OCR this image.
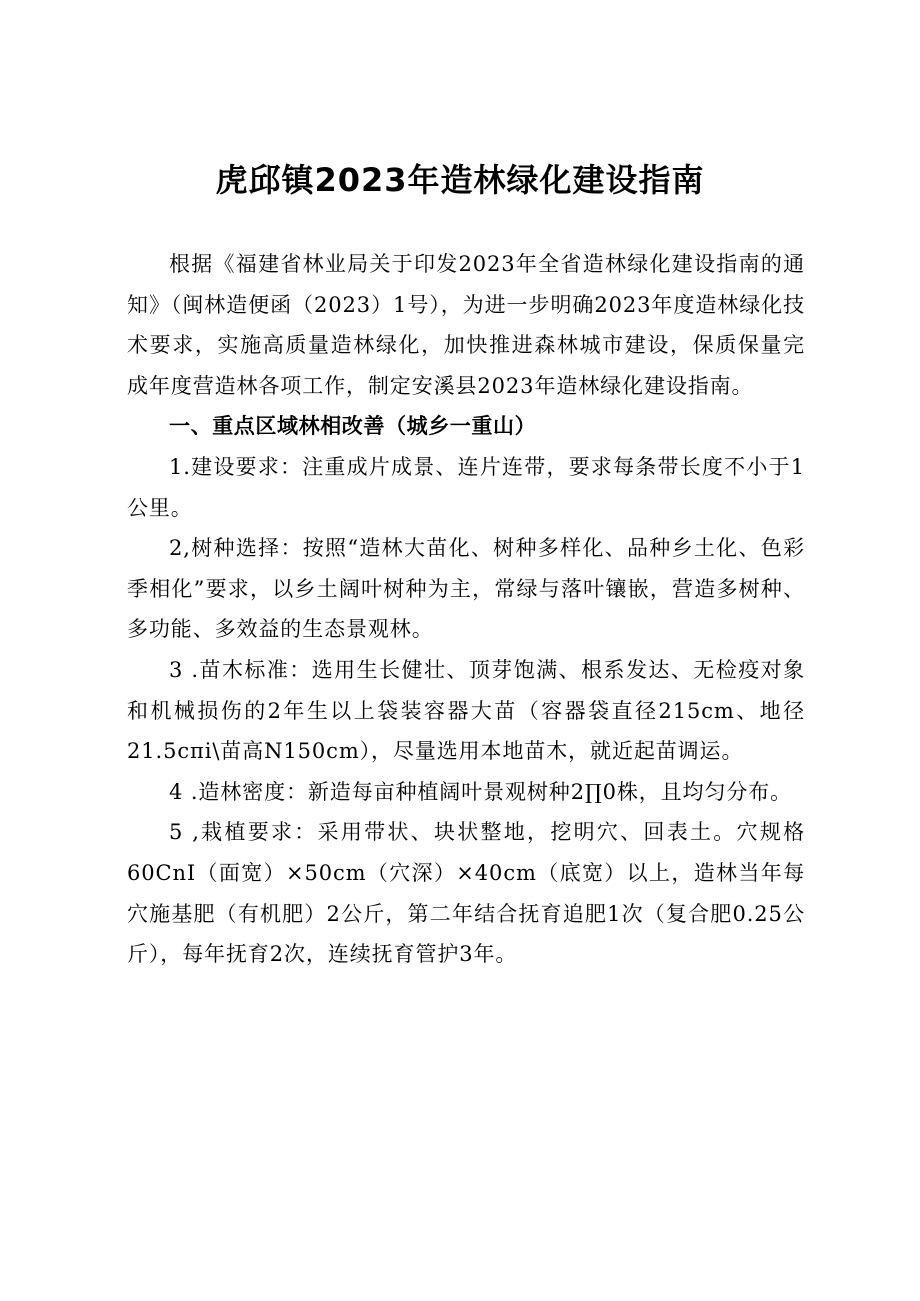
虎邱镇2023年造林绿化建设指南

根据《福建省林业局关于印发2023年全省造林绿化建设指南的通知》（闽林造便函（2023）1号），为进一步明确2023年度造林绿化技术要求，实施高质量造林绿化，加快推进森林城市建设，保质保量完成年度营造林各项工作，制定安溪县2023年造林绿化建设指南。

一、重点区域林相改善（城乡一重山）

1.建设要求：注重成片成景、连片连带，要求每条带长度不小于1公里。

2,树种选择：按照“造林大苗化、树种多样化、品种乡土化、色彩季相化”要求，以乡土阔叶树种为主，常绿与落叶镶嵌，营造多树种、多功能、多效益的生态景观林。

3 .苗木标准：选用生长健壮、顶芽饱满、根系发达、无检疫对象和机械损伤的2年生以上袋装容器大苗（容器袋直径215cm、地径21.5cπi\苗高N150cm），尽量选用本地苗木，就近起苗调运。

4 .造林密度：新造每亩种植阔叶景观树种2∏0株，且均匀分布。

5 ,栽植要求：采用带状、块状整地，挖明穴、回表土。穴规格60CnI（面宽）×50cm（穴深）×40cm（底宽）以上，造林当年每穴施基肥（有机肥）2公斤，第二年结合抚育追肥1次（复合肥0.25公斤），每年抚育2次，连续抚育管护3年。
